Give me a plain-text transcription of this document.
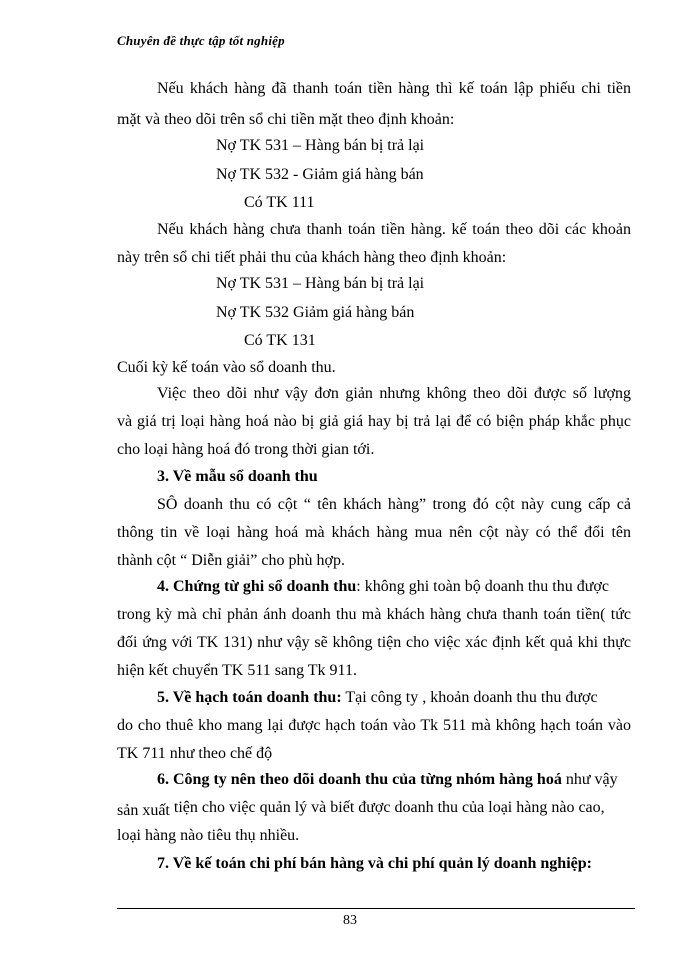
Chuyên đề thực tập tốt nghiệp
Nếu khách hàng đã thanh toán tiền hàng thì kế toán lập phiếu chi tiền
mặt và theo dõi trên sổ chi tiền mặt theo định khoản:
Nợ TK 531 – Hàng bán bị trả lại
Nợ TK 532 - Giảm giá hàng bán
Có TK 111
Nếu khách hàng chưa thanh toán tiền hàng. kế toán theo dõi các khoản
này trên sổ chi tiết phải thu của khách hàng theo định khoản:
Nợ TK 531 – Hàng bán bị trả lại
Nợ TK 532 Giảm giá hàng bán
Có TK 131
Cuối kỳ kế toán vào sổ doanh thu.
Việc theo dõi như vậy đơn giản nhưng không theo dõi được số lượng
và giá trị loại hàng hoá nào bị giả giá hay bị trả lại để có biện pháp khắc phục
cho loại hàng hoá đó trong thời gian tới.
3. Về mẫu sổ doanh thu
SÔ doanh thu có cột “ tên khách hàng” trong đó cột này cung cấp cả
thông tin về loại hàng hoá mà khách hàng mua nên cột này có thể đổi tên
thành cột “ Diễn giải” cho phù hợp.
4. Chứng từ ghi sổ doanh thu: không ghi toàn bộ doanh thu thu được
trong kỳ mà chỉ phản ánh doanh thu mà khách hàng chưa thanh toán tiền( tức
đối ứng với TK 131) như vậy sẽ không tiện cho việc xác định kết quả khi thực
hiện kết chuyển TK 511 sang Tk 911.
5. Về hạch toán doanh thu: Tại công ty , khoản doanh thu thu được
do cho thuê kho mang lại được hạch toán vào Tk 511 mà không hạch toán vào
TK 711 như theo chế độ
6. Công ty nên theo dõi doanh thu của từng nhóm hàng hoá như vậy
sản xuất tiện cho việc quản lý và biết được doanh thu của loại hàng nào cao,
loại hàng nào tiêu thụ nhiều.
7. Về kế toán chi phí bán hàng và chi phí quản lý doanh nghiệp:
83
